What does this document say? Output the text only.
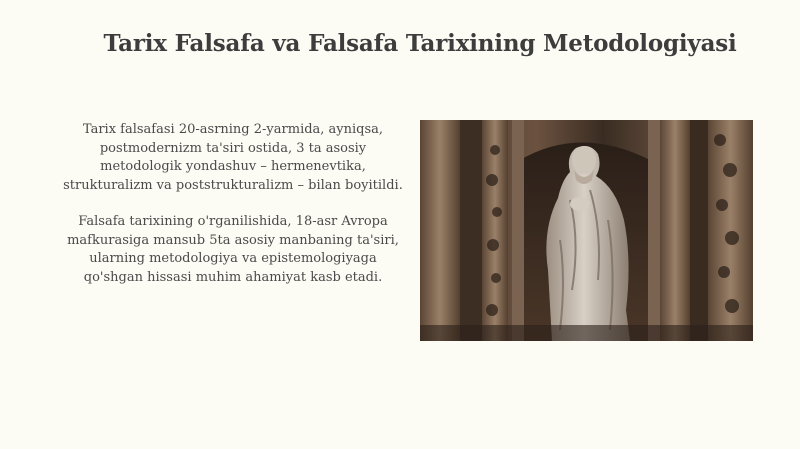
Tarix Falsafa va Falsafa Tarixining Metodologiyasi

Tarix falsafasi 20-asrning 2-yarmida, ayniqsa, postmodernizm ta'siri ostida, 3 ta asosiy metodologik yondashuv – hermenevtika, strukturalizm va poststrukturalizm – bilan boyitildi.

Falsafa tarixining o'rganilishida, 18-asr Avropa mafkurasiga mansub 5ta asosiy manbaning ta'siri, ularning metodologiya va epistemologiyaga qo'shgan hissasi muhim ahamiyat kasb etadi.
